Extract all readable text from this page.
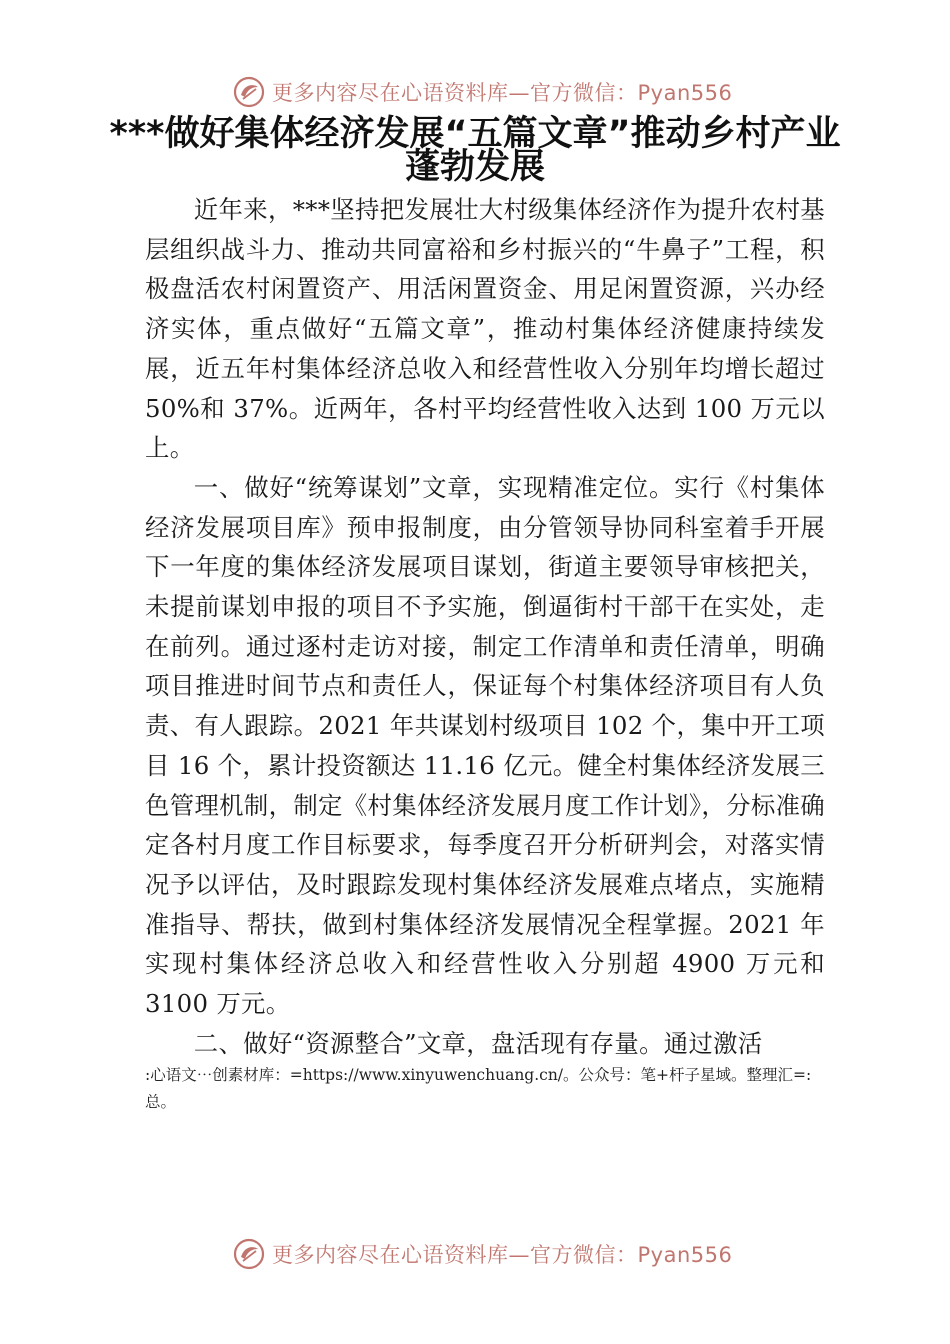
更多内容尽在心语资料库—官方微信：Pyan556
***做好集体经济发展“五篇文章”推动乡村产业蓬勃发展

近年来，***坚持把发展壮大村级集体经济作为提升农村基层组织战斗力、推动共同富裕和乡村振兴的“牛鼻子”工程，积极盘活农村闲置资产、用活闲置资金、用足闲置资源，兴办经济实体，重点做好“五篇文章”，推动村集体经济健康持续发展，近五年村集体经济总收入和经营性收入分别年均增长超过 50%和 37%。近两年，各村平均经营性收入达到 100 万元以上。

一、做好“统筹谋划”文章，实现精准定位。实行《村集体经济发展项目库》预申报制度，由分管领导协同科室着手开展下一年度的集体经济发展项目谋划，街道主要领导审核把关，未提前谋划申报的项目不予实施，倒逼街村干部干在实处，走在前列。通过逐村走访对接，制定工作清单和责任清单，明确项目推进时间节点和责任人，保证每个村集体经济项目有人负责、有人跟踪。2021 年共谋划村级项目 102 个，集中开工项目 16 个，累计投资额达 11.16 亿元。健全村集体经济发展三色管理机制，制定《村集体经济发展月度工作计划》，分标准确定各村月度工作目标要求，每季度召开分析研判会，对落实情况予以评估，及时跟踪发现村集体经济发展难点堵点，实施精准指导、帮扶，做到村集体经济发展情况全程掌握。2021 年实现村集体经济总收入和经营性收入分别超 4900 万元和 3100 万元。

二、做好“资源整合”文章，盘活现有存量。通过激活

:心语文⋯创素材库：=https://www.xinyuwenchuang.cn/。公众号：笔+杆子星域。整理汇=:总。

更多内容尽在心语资料库—官方微信：Pyan556
